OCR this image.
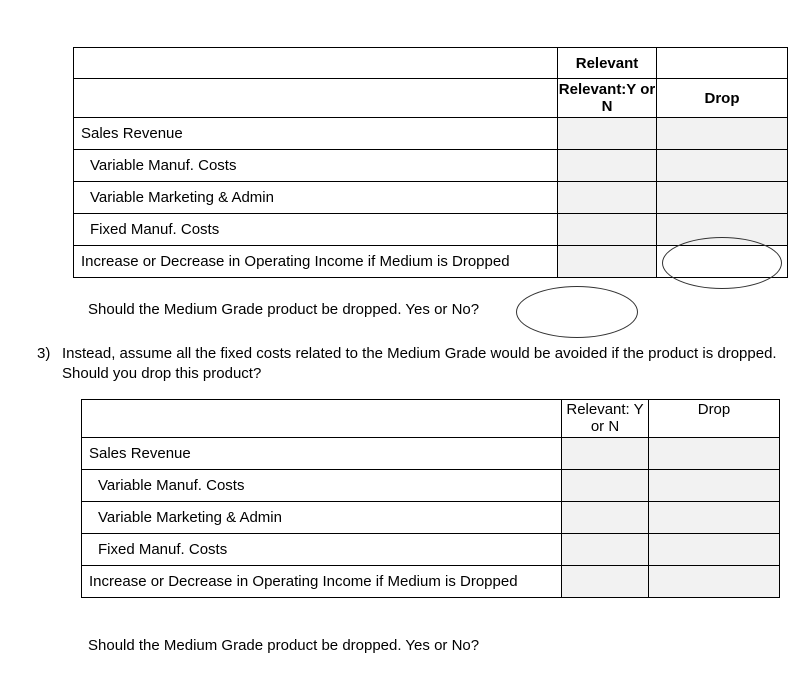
	Relevant	
	Relevant:Y or N	Drop
Sales Revenue		
Variable Manuf. Costs		
Variable Marketing & Admin		
Fixed Manuf. Costs		
Increase or Decrease in Operating Income if Medium is Dropped		
Should the Medium Grade product be dropped. Yes or No?
3) Instead, assume all the fixed costs related to the Medium Grade would be avoided if the product is dropped. Should you drop this product?
	Relevant: Y or N	Drop
Sales Revenue		
Variable Manuf. Costs		
Variable Marketing & Admin		
Fixed Manuf. Costs		
Increase or Decrease in Operating Income if Medium is Dropped		
Should the Medium Grade product be dropped. Yes or No?
